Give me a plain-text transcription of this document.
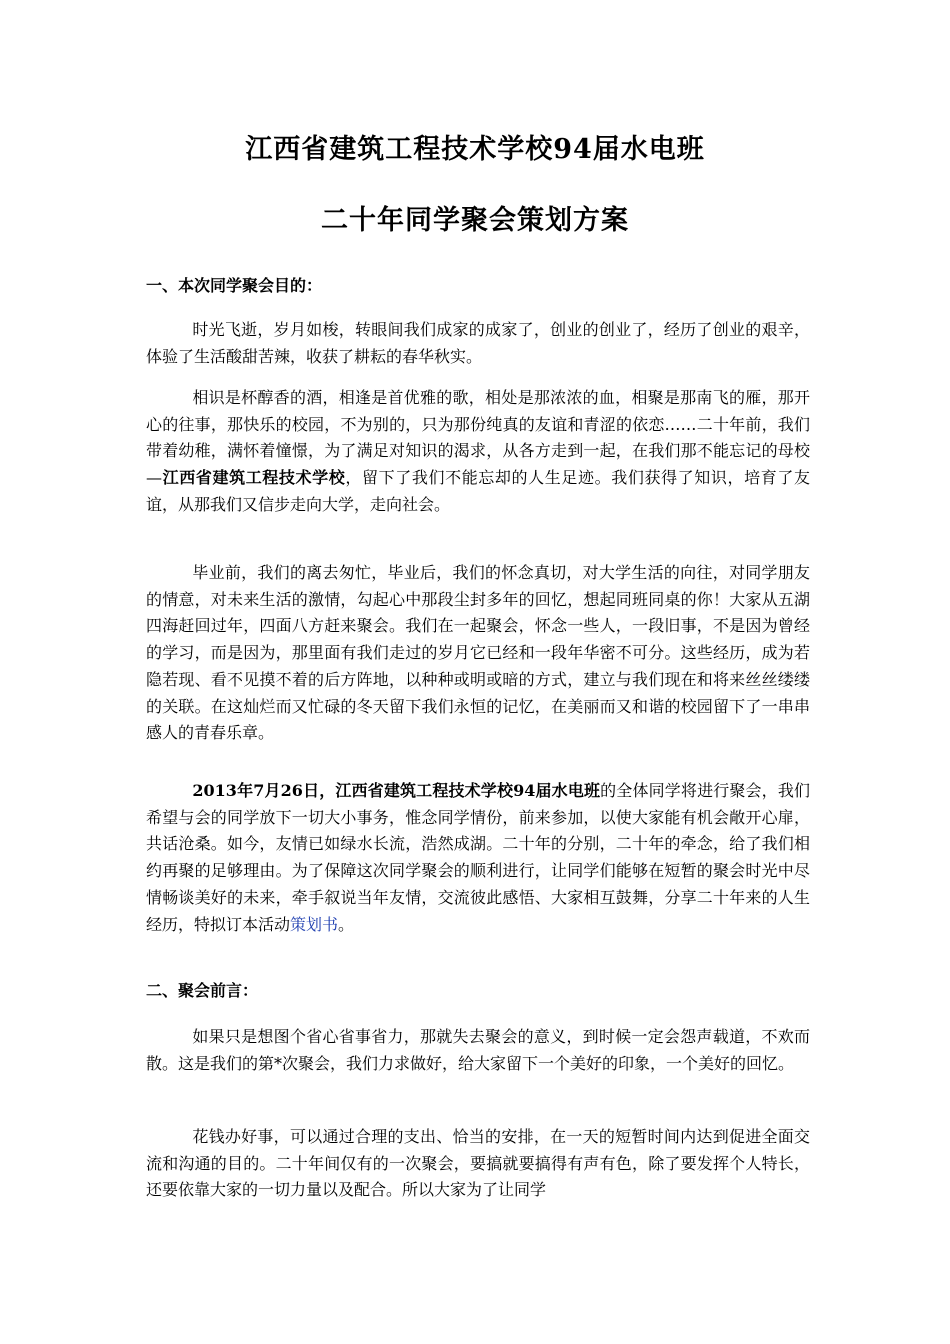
江西省建筑工程技术学校94届水电班
二十年同学聚会策划方案
一、本次同学聚会目的：

时光飞逝，岁月如梭，转眼间我们成家的成家了，创业的创业了，经历了创业的艰辛，体验了生活酸甜苦辣，收获了耕耘的春华秋实。

相识是杯醇香的酒，相逢是首优雅的歌，相处是那浓浓的血，相聚是那南飞的雁，那开心的往事，那快乐的校园，不为别的，只为那份纯真的友谊和青涩的依恋……二十年前，我们带着幼稚，满怀着憧憬，为了满足对知识的渴求，从各方走到一起，在我们那不能忘记的母校—江西省建筑工程技术学校，留下了我们不能忘却的人生足迹。我们获得了知识，培育了友谊，从那我们又信步走向大学，走向社会。

毕业前，我们的离去匆忙，毕业后，我们的怀念真切，对大学生活的向往，对同学朋友的情意，对未来生活的激情，勾起心中那段尘封多年的回忆，想起同班同桌的你！大家从五湖四海赶回过年，四面八方赶来聚会。我们在一起聚会，怀念一些人，一段旧事，不是因为曾经的学习，而是因为，那里面有我们走过的岁月它已经和一段年华密不可分。这些经历，成为若隐若现、看不见摸不着的后方阵地，以种种或明或暗的方式，建立与我们现在和将来丝丝缕缕的关联。在这灿烂而又忙碌的冬天留下我们永恒的记忆，在美丽而又和谐的校园留下了一串串感人的青春乐章。

2013年7月26日，江西省建筑工程技术学校94届水电班的全体同学将进行聚会，我们希望与会的同学放下一切大小事务，惟念同学情份，前来参加，以使大家能有机会敞开心扉，共话沧桑。如今，友情已如绿水长流，浩然成湖。二十年的分别，二十年的牵念，给了我们相约再聚的足够理由。为了保障这次同学聚会的顺利进行，让同学们能够在短暂的聚会时光中尽情畅谈美好的未来，牵手叙说当年友情，交流彼此感悟、大家相互鼓舞，分享二十年来的人生经历，特拟订本活动策划书。

二、聚会前言：

如果只是想图个省心省事省力，那就失去聚会的意义，到时候一定会怨声载道，不欢而散。这是我们的第*次聚会，我们力求做好，给大家留下一个美好的印象，一个美好的回忆。

花钱办好事，可以通过合理的支出、恰当的安排，在一天的短暂时间内达到促进全面交流和沟通的目的。二十年间仅有的一次聚会，要搞就要搞得有声有色，除了要发挥个人特长，还要依靠大家的一切力量以及配合。所以大家为了让同学
